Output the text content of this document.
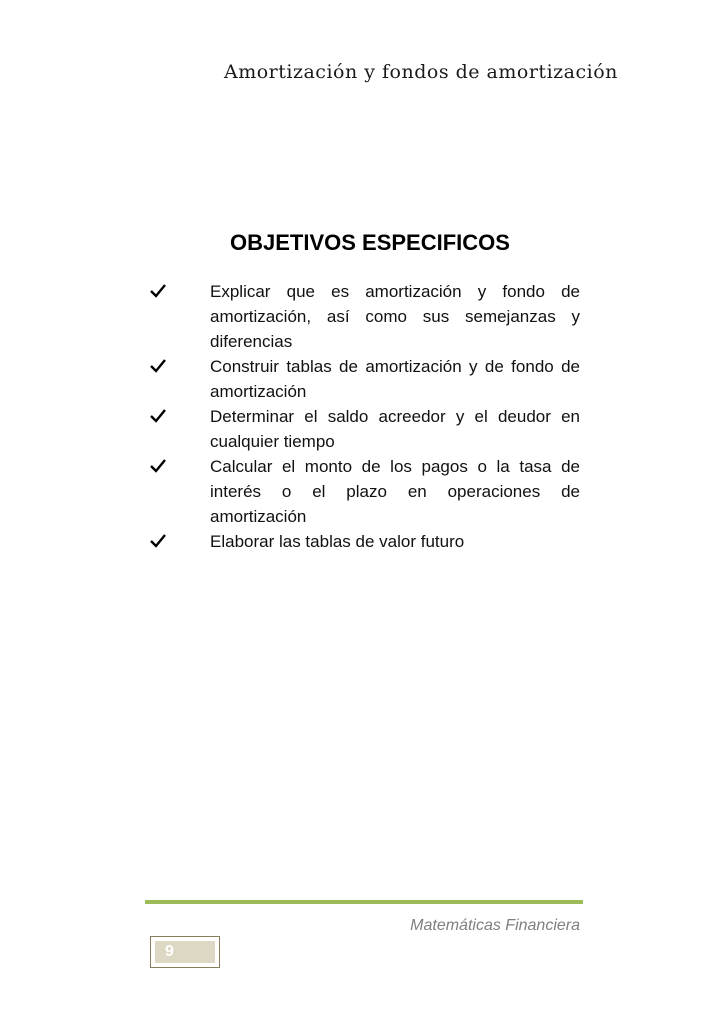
Amortización y fondos de amortización
OBJETIVOS ESPECIFICOS
Explicar que es amortización y fondo de amortización, así como sus semejanzas y diferencias
Construir tablas de amortización y de fondo de amortización
Determinar el saldo acreedor y el deudor en cualquier tiempo
Calcular el monto de los pagos o la tasa de interés o el plazo en operaciones de amortización
Elaborar las tablas de valor futuro
Matemáticas Financiera
9
